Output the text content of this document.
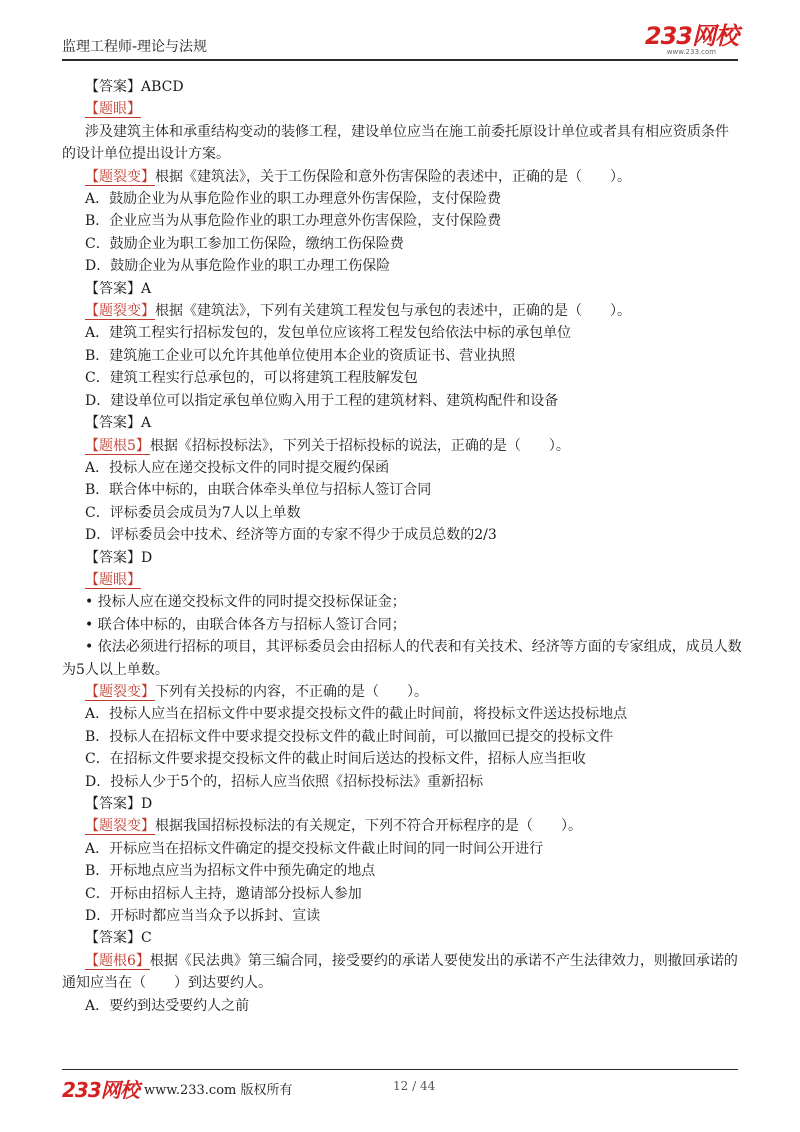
监理工程师-理论与法规	233网校
www.233.com
【答案】ABCD
【题眼】
涉及建筑主体和承重结构变动的装修工程，建设单位应当在施工前委托原设计单位或者具有相应资质条件的设计单位提出设计方案。
【题裂变】根据《建筑法》，关于工伤保险和意外伤害保险的表述中，正确的是（　　）。
A．鼓励企业为从事危险作业的职工办理意外伤害保险，支付保险费
B．企业应当为从事危险作业的职工办理意外伤害保险，支付保险费
C．鼓励企业为职工参加工伤保险，缴纳工伤保险费
D．鼓励企业为从事危险作业的职工办理工伤保险
【答案】A
【题裂变】根据《建筑法》，下列有关建筑工程发包与承包的表述中，正确的是（　　）。
A．建筑工程实行招标发包的，发包单位应该将工程发包给依法中标的承包单位
B．建筑施工企业可以允许其他单位使用本企业的资质证书、营业执照
C．建筑工程实行总承包的，可以将建筑工程肢解发包
D．建设单位可以指定承包单位购入用于工程的建筑材料、建筑构配件和设备
【答案】A
【题根5】根据《招标投标法》，下列关于招标投标的说法，正确的是（　　）。
A．投标人应在递交投标文件的同时提交履约保函
B．联合体中标的，由联合体牵头单位与招标人签订合同
C．评标委员会成员为7人以上单数
D．评标委员会中技术、经济等方面的专家不得少于成员总数的2/3
【答案】D
【题眼】
• 投标人应在递交投标文件的同时提交投标保证金；
• 联合体中标的，由联合体各方与招标人签订合同；
• 依法必须进行招标的项目，其评标委员会由招标人的代表和有关技术、经济等方面的专家组成，成员人数为5人以上单数。
【题裂变】下列有关投标的内容，不正确的是（　　）。
A．投标人应当在招标文件中要求提交投标文件的截止时间前，将投标文件送达投标地点
B．投标人在招标文件中要求提交投标文件的截止时间前，可以撤回已提交的投标文件
C．在招标文件要求提交投标文件的截止时间后送达的投标文件，招标人应当拒收
D．投标人少于5个的，招标人应当依照《招标投标法》重新招标
【答案】D
【题裂变】根据我国招标投标法的有关规定，下列不符合开标程序的是（　　）。
A．开标应当在招标文件确定的提交投标文件截止时间的同一时间公开进行
B．开标地点应当为招标文件中预先确定的地点
C．开标由招标人主持，邀请部分投标人参加
D．开标时都应当当众予以拆封、宣读
【答案】C
【题根6】根据《民法典》第三编合同，接受要约的承诺人要使发出的承诺不产生法律效力，则撤回承诺的通知应当在（　　）到达要约人。
A．要约到达受要约人之前
233网校 www.233.com 版权所有	12 / 44
